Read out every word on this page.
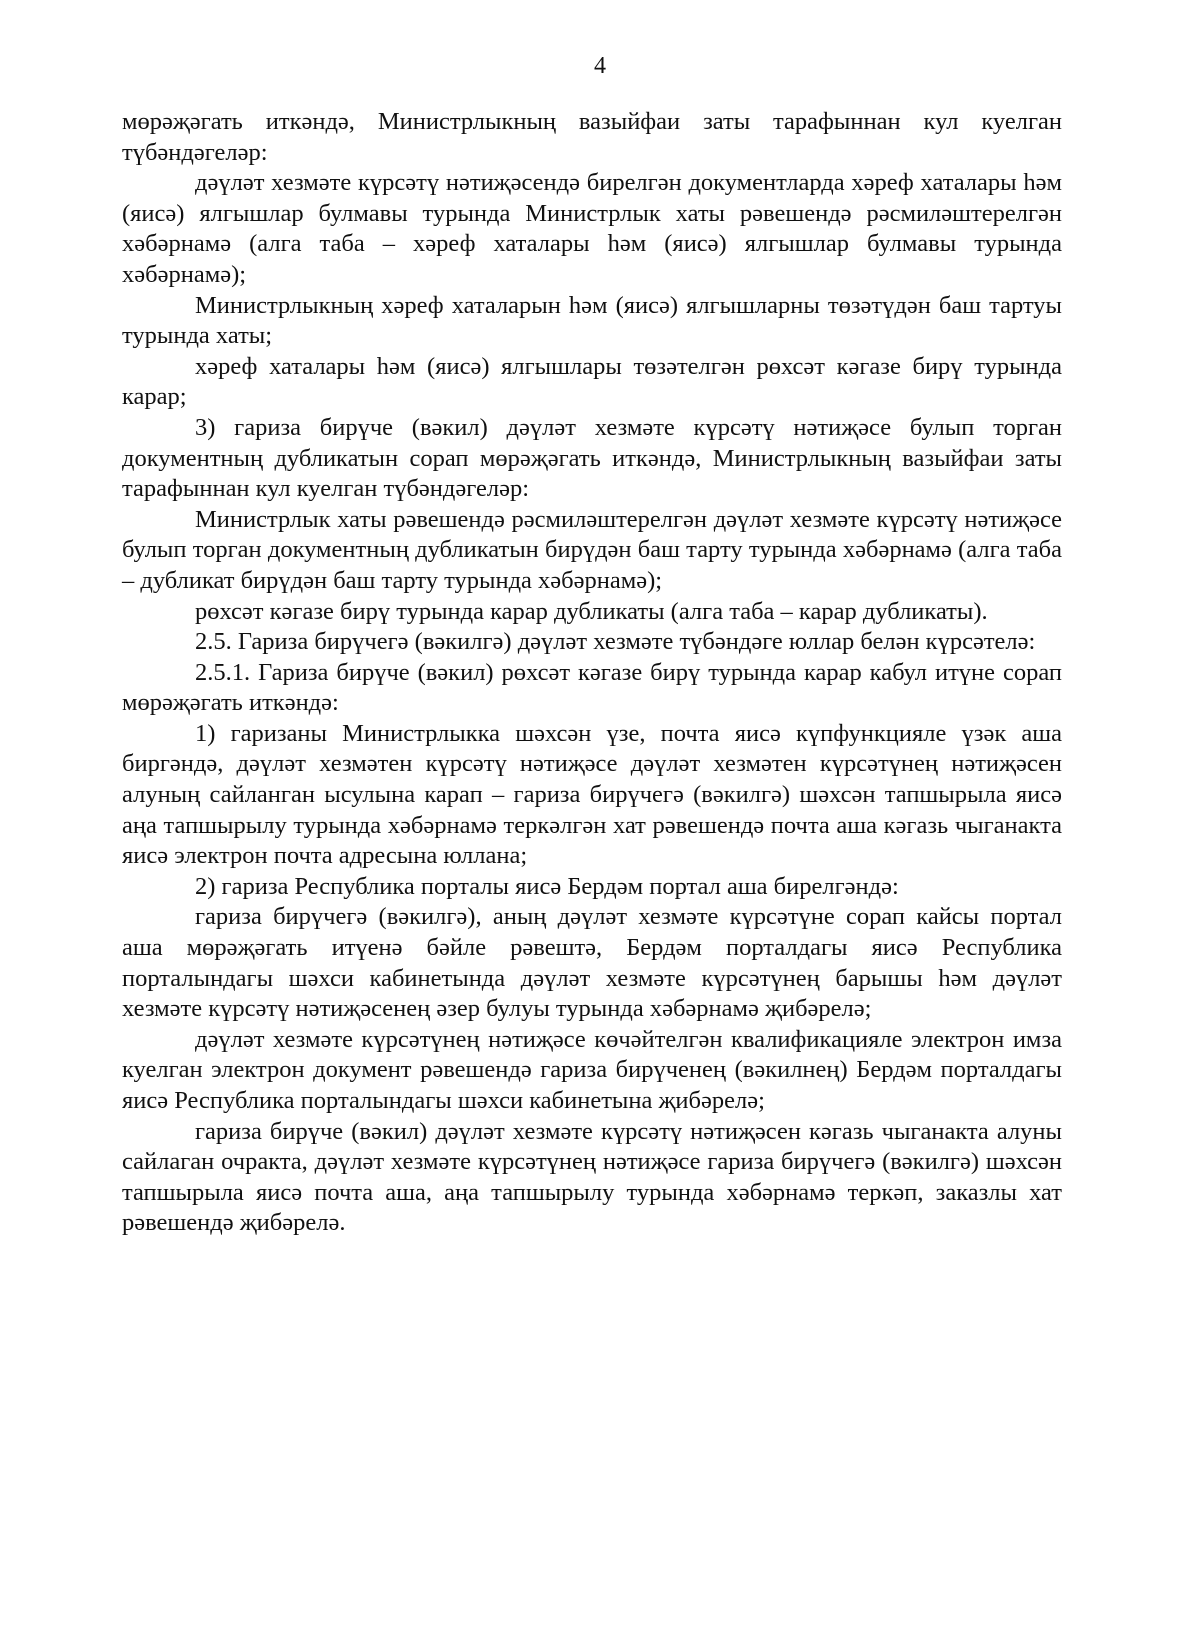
4

мөрәҗәгать иткәндә, Министрлыкның вазыйфаи заты тарафыннан кул куелган түбәндәгеләр:

дәүләт хезмәте күрсәтү нәтиҗәсендә бирелгән документларда хәреф хаталары һәм (яисә) ялгышлар булмавы турында Министрлык хаты рәвешендә рәсмиләштерелгән хәбәрнамә (алга таба – хәреф хаталары һәм (яисә) ялгышлар булмавы турында хәбәрнамә);

Министрлыкның хәреф хаталарын һәм (яисә) ялгышларны төзәтүдән баш тартуы турында хаты;

хәреф хаталары һәм (яисә) ялгышлары төзәтелгән рөхсәт кәгазе бирү турында карар;

3) гариза бирүче (вәкил) дәүләт хезмәте күрсәтү нәтиҗәсе булып торган документның дубликатын сорап мөрәҗәгать иткәндә, Министрлыкның вазыйфаи заты тарафыннан кул куелган түбәндәгеләр:

Министрлык хаты рәвешендә рәсмиләштерелгән дәүләт хезмәте күрсәтү нәтиҗәсе булып торган документның дубликатын бирүдән баш тарту турында хәбәрнамә (алга таба – дубликат бирүдән баш тарту турында хәбәрнамә);

рөхсәт кәгазе бирү турында карар дубликаты (алга таба – карар дубликаты).

2.5. Гариза бирүчегә (вәкилгә) дәүләт хезмәте түбәндәге юллар белән күрсәтелә:

2.5.1. Гариза бирүче (вәкил) рөхсәт кәгазе бирү турында карар кабул итүне сорап мөрәҗәгать иткәндә:

1) гаризаны Министрлыкка шәхсән үзе, почта яисә күпфункцияле үзәк аша биргәндә, дәүләт хезмәтен күрсәтү нәтиҗәсе дәүләт хезмәтен күрсәтүнең нәтиҗәсен алуның сайланган ысулына карап – гариза бирүчегә (вәкилгә) шәхсән тапшырыла яисә аңа тапшырылу турында хәбәрнамә теркәлгән хат рәвешендә почта аша кәгазь чыганакта яисә электрон почта адресына юллана;

2) гариза Республика порталы яисә Бердәм портал аша бирелгәндә:

гариза бирүчегә (вәкилгә), аның дәүләт хезмәте күрсәтүне сорап кайсы портал аша мөрәҗәгать итүенә бәйле рәвештә, Бердәм порталдагы яисә Республика порталындагы шәхси кабинетында дәүләт хезмәте күрсәтүнең барышы һәм дәүләт хезмәте күрсәтү нәтиҗәсенең әзер булуы турында хәбәрнамә җибәрелә;

дәүләт хезмәте күрсәтүнең нәтиҗәсе көчәйтелгән квалификацияле электрон имза куелган электрон документ рәвешендә гариза бирүченең (вәкилнең) Бердәм порталдагы яисә Республика порталындагы шәхси кабинетына җибәрелә;

гариза бирүче (вәкил) дәүләт хезмәте күрсәтү нәтиҗәсен кәгазь чыганакта алуны сайлаган очракта, дәүләт хезмәте күрсәтүнең нәтиҗәсе гариза бирүчегә (вәкилгә) шәхсән тапшырыла яисә почта аша, аңа тапшырылу турында хәбәрнамә теркәп, заказлы хат рәвешендә җибәрелә.
